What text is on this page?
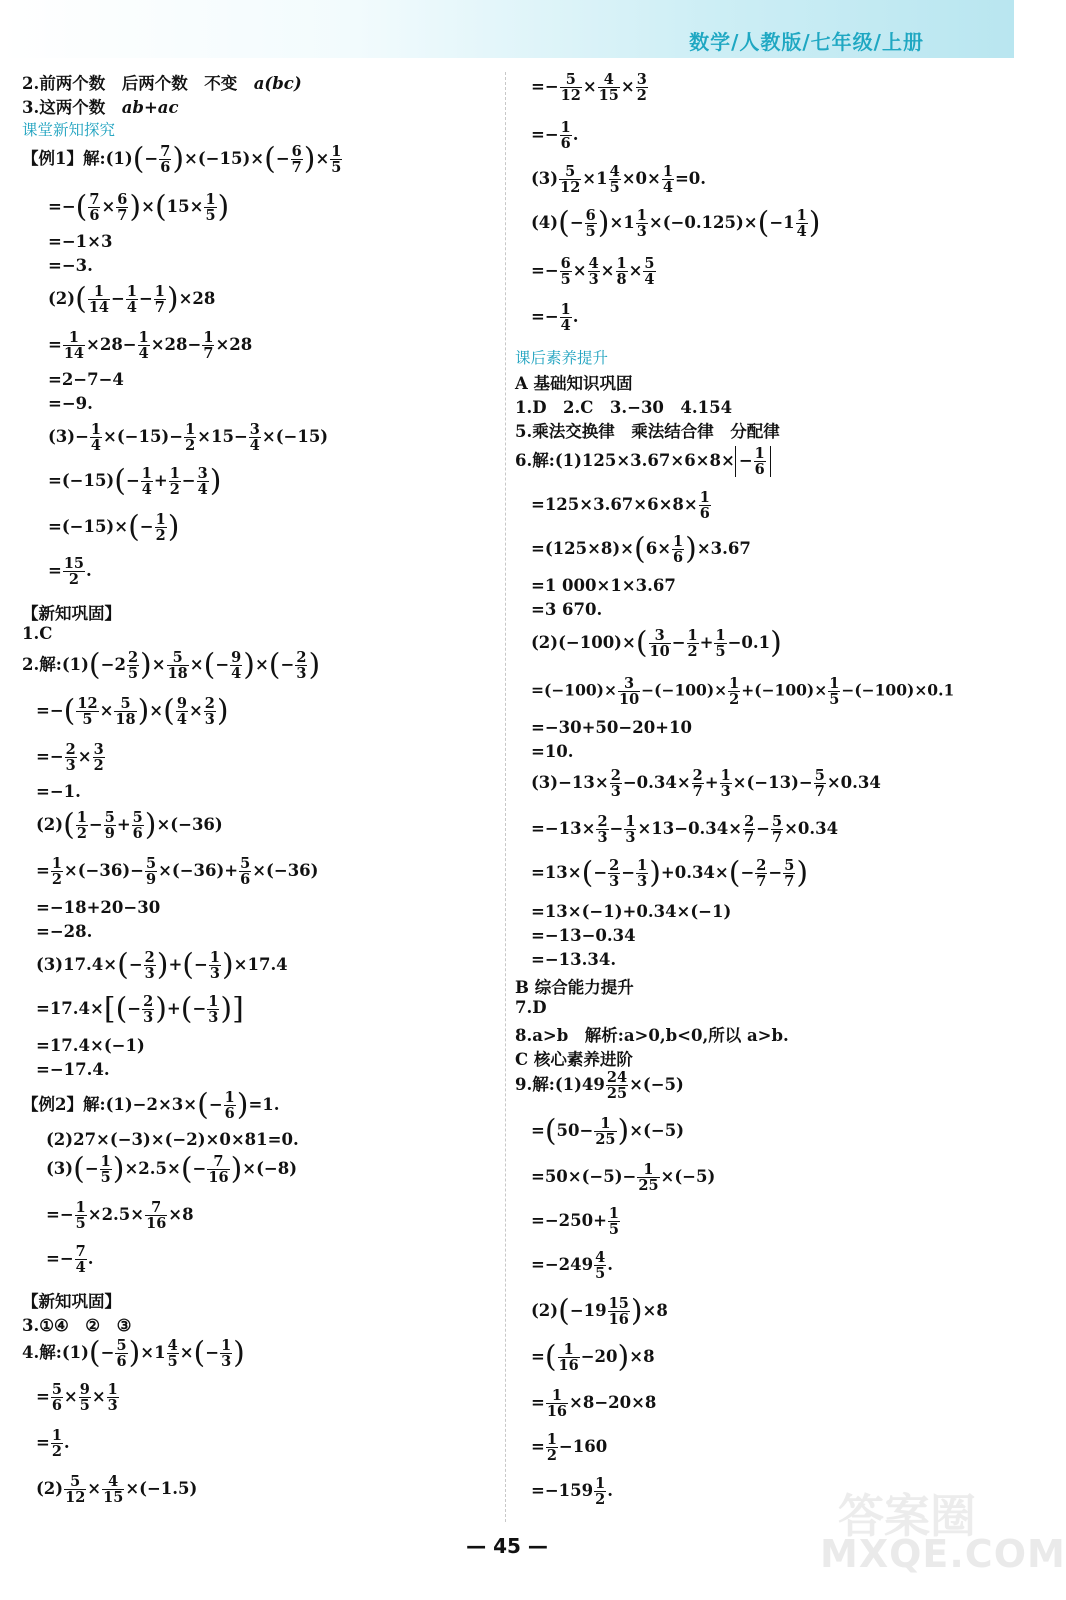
数学/人教版/七年级/上册
2.前两个数　后两个数　不变　a(bc)
3.这两个数　ab+ac
课堂新知探究
【例1】解:(1)(− $\frac{7}{6} )\times(-15)\times(- \frac{6}{7}$ )× $\frac{1}{5}$
=−( $\frac{7}{6} \times \frac{6}{7} )\times(15\times \frac{1}{5}$ )
=−1×3
=−3.
$(2)( \frac{1}{14} - \frac{1}{4} - \frac{1}{7} )\times 28$
= $\frac{1}{14} \times 28- \frac{1}{4} \times 28- \frac{1}{7} \times 28$
=2−7−4
=−9.
$(3)- \frac{1}{4} \times(-15)- \frac{1}{2} \times 15- \frac{3}{4} \times(-15)$
$=(-15)(- \frac{1}{4} + \frac{1}{2} - \frac{3}{4}$ )
$=(-15)\times(- \frac{1}{2}$ )
= $\frac{15}{2}$ .
【新知巩固】
1.C
2.解:(1)(−2 $\frac{2}{5}$ )× $\frac{5}{18}$ ×(− $\frac{9}{4}$ )×(− $\frac{2}{3}$ )
=−( $\frac{12}{5} \times \frac{5}{18}$ )×( $\frac{9}{4} \times \frac{2}{3}$ )
=− $\frac{2}{3} \times \frac{3}{2}$
=−1.
$(2)( \frac{1}{2} - \frac{5}{9} + \frac{5}{6} )\times(-36)$
= $\frac{1}{2} \times(-36)- \frac{5}{9} \times(-36)+ \frac{5}{6} \times(-36)$
=−18+20−30
=−28.
$(3)17.4\times(- \frac{2}{3}$ )+(− $\frac{1}{3} )\times 17.4$
$=17.4\times[(- \frac{2}{3}$ )+(− $\frac{1}{3}$ )]
=17.4×(−1)
=−17.4.
【例2】解:(1)−2×3×(− $\frac{1}{6} )=1$.
(2)27×(−3)×(−2)×0×81=0.
$(3)(- \frac{1}{5} )\times 2.5\times(- \frac{7}{16} )\times(-8)$
=− $\frac{1}{5} \times 2.5\times \frac{7}{16} \times 8$
=− $\frac{7}{4}$ .
【新知巩固】
3.①④　②　③
4.解:(1)(− $\frac{5}{6} )\times 1 \frac{4}{5}$ ×(− $\frac{1}{3}$ )
= $\frac{5}{6} \times \frac{9}{5} \times \frac{1}{3}$
= $\frac{1}{2}$ .
$(2) \frac{5}{12} \times \frac{4}{15} \times(-1.5)$
=− $\frac{5}{12} \times \frac{4}{15} \times \frac{3}{2}$
=− $\frac{1}{6}$ .
$(3) \frac{5}{12} \times 1 \frac{4}{5} \times 0\times \frac{1}{4} =0$.
$(4)(- \frac{6}{5} )\times 1 \frac{1}{3} \times(-0.125)\times(-1 \frac{1}{4}$ )
=− $\frac{6}{5} \times \frac{4}{3} \times \frac{1}{8} \times \frac{5}{4}$
=− $\frac{1}{4}$ .
课后素养提升
A 基础知识巩固
1.D　2.C　3.−30　4.154
5.乘法交换律　乘法结合律　分配律
6.解:(1)125×3.67×6×8× − $\frac{1}{6}$
$=125\times 3.67\times 6\times 8\times \frac{1}{6}$
$=(125\times 8)\times(6\times \frac{1}{6} )\times 3.67$
=1 000×1×3.67
=3 670.
$(2)(-100)\times( \frac{3}{10} - \frac{1}{2} + \frac{1}{5} -0.1)$
$=(-100)\times \frac{3}{10} -(-100)\times \frac{1}{2} +(-100)\times \frac{1}{5} -(-100)\times 0.1$
=−30+50−20+10
=10.
$(3)-13\times \frac{2}{3} -0.34\times \frac{2}{7} + \frac{1}{3} \times(-13)- \frac{5}{7} \times 0.34$
$=-13\times \frac{2}{3} - \frac{1}{3} \times 13-0.34\times \frac{2}{7} - \frac{5}{7} \times 0.34$
$=13\times(- \frac{2}{3} - \frac{1}{3} )+0.34\times(- \frac{2}{7} - \frac{5}{7}$ )
=13×(−1)+0.34×(−1)
=−13−0.34
=−13.34.
B 综合能力提升
7.D
8.a>b　解析:a>0,b<0,所以 a>b.
C 核心素养进阶
9.解:(1)49 $\frac{24}{25} \times(-5)$
$=(50- \frac{1}{25} )\times(-5)$
$=50\times(-5)- \frac{1}{25} \times(-5)$
$=-250+ \frac{1}{5}$
$=-249 \frac{4}{5}$ .
$(2)(-19 \frac{15}{16} )\times 8$
=( $\frac{1}{16} -20)\times 8$
= $\frac{1}{16} \times 8-20\times 8$
= $\frac{1}{2} -160$
$=-159 \frac{1}{2}$ .	答案圈
MXQE.COM
— 45 —
